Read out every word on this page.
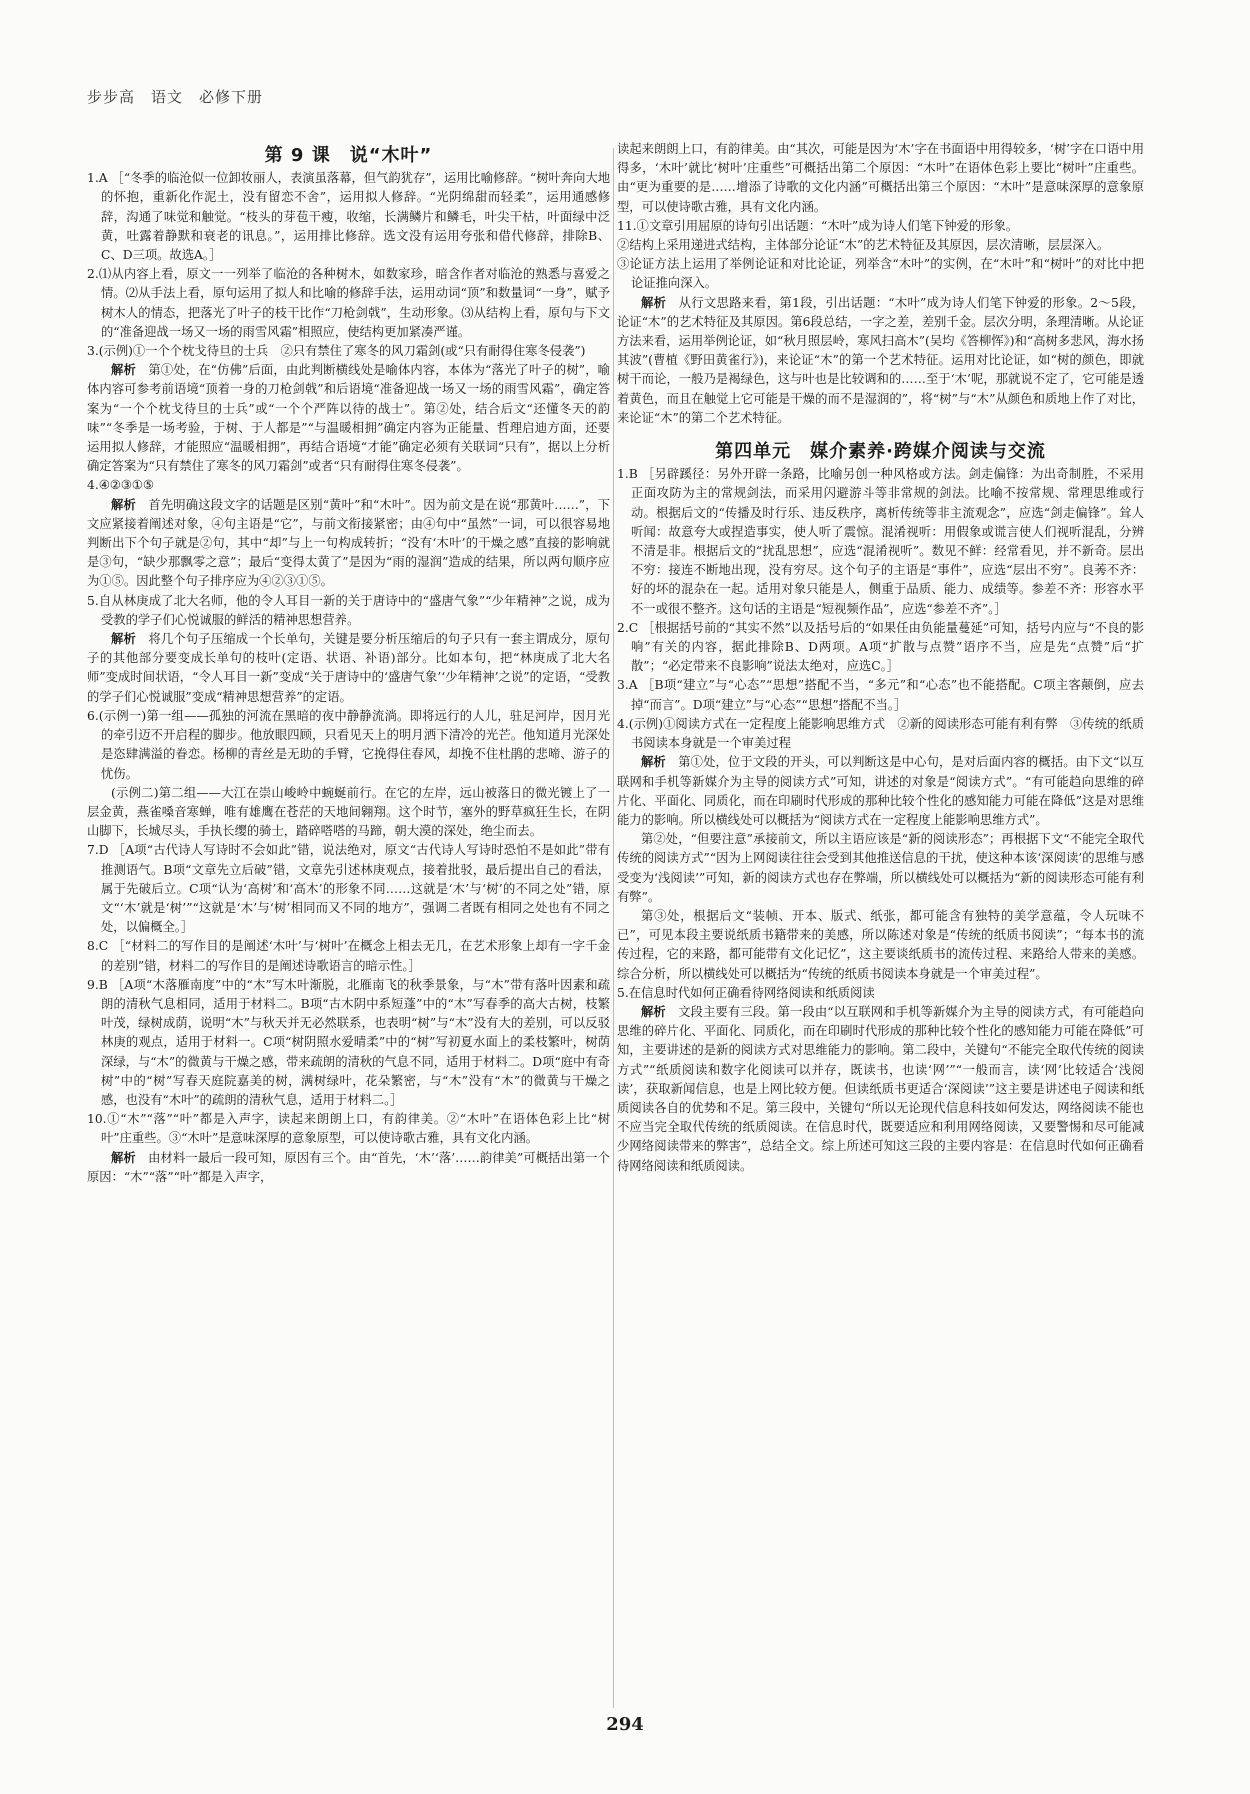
步步高　语文　必修下册
第 9 课　说“木叶”

1.A ［“冬季的临沧似一位卸妆丽人，表演虽落幕，但气韵犹存”，运用比喻修辞。“树叶奔向大地的怀抱，重新化作泥土，没有留恋不舍”，运用拟人修辞。“光阴绵甜而轻柔”，运用通感修辞，沟通了味觉和触觉。“枝头的芽苞干瘦，收缩，长满鳞片和鳞毛，叶尖干枯，叶面绿中泛黄，吐露着静默和衰老的讯息。”，运用排比修辞。选文没有运用夸张和借代修辞，排除B、C、D三项。故选A。］

2.⑴从内容上看，原文一一列举了临沧的各种树木，如数家珍，暗含作者对临沧的熟悉与喜爱之情。⑵从手法上看，原句运用了拟人和比喻的修辞手法，运用动词“顶”和数量词“一身”，赋予树木人的情态，把落光了叶子的枝干比作“刀枪剑戟”，生动形象。⑶从结构上看，原句与下文的“准备迎战一场又一场的雨雪风霜”相照应，使结构更加紧凑严谨。

3.(示例)①一个个枕戈待旦的士兵　②只有禁住了寒冬的风刀霜剑(或“只有耐得住寒冬侵袭”)

解析　 第①处，在“仿佛”后面，由此判断横线处是喻体内容，本体为“落光了叶子的树”，喻体内容可参考前语境“顶着一身的刀枪剑戟”和后语境“准备迎战一场又一场的雨雪风霜”，确定答案为“一个个枕戈待旦的士兵”或“一个个严阵以待的战士”。第②处，结合后文“还懂冬天的韵味”“冬季是一场考验，于树、于人都是”“与温暖相拥”确定内容为正能量、哲理启迪方面，还要运用拟人修辞，才能照应“温暖相拥”，再结合语境“才能”确定必须有关联词“只有”，据以上分析确定答案为“只有禁住了寒冬的风刀霜剑”或者“只有耐得住寒冬侵袭”。

4.④②③①⑤

解析　 首先明确这段文字的话题是区别“黄叶”和“木叶”。因为前文是在说“那黄叶……”，下文应紧接着阐述对象，④句主语是“它”，与前文衔接紧密；由④句中“虽然”一词，可以很容易地判断出下个句子就是②句，其中“却”与上一句构成转折；“没有‘木叶’的干燥之感”直接的影响就是③句，“缺少那飘零之意”；最后“变得太黄了”是因为“雨的湿润”造成的结果，所以两句顺序应为①⑤。因此整个句子排序应为④②③①⑤。

5.自从林庚成了北大名师，他的令人耳目一新的关于唐诗中的“盛唐气象”“少年精神”之说，成为受教的学子们心悦诚服的鲜活的精神思想营养。

解析　 将几个句子压缩成一个长单句，关键是要分析压缩后的句子只有一套主谓成分，原句子的其他部分要变成长单句的枝叶(定语、状语、补语)部分。比如本句，把“林庚成了北大名师”变成时间状语，“令人耳目一新”变成“关于唐诗中的‘盛唐气象’‘少年精神’之说”的定语，“受教的学子们心悦诚服”变成“精神思想营养”的定语。

6.(示例一)第一组——孤独的河流在黑暗的夜中静静流淌。即将远行的人儿，驻足河岸，因月光的牵引迈不开启程的脚步。他放眼四顾，只看见天上的明月洒下清冷的光芒。他知道月光深处是恣肆满溢的眷恋。杨柳的青丝是无助的手臂，它挽得住春风，却挽不住杜鹃的悲啼、游子的忧伤。

(示例二)第二组——大江在崇山峻岭中蜿蜒前行。在它的左岸，远山被落日的微光镀上了一层金黄，燕雀嗓音寒蝉，唯有雄鹰在苍茫的天地间翱翔。这个时节，塞外的野草疯狂生长，在阴山脚下，长城尽头，手执长缨的骑士，踏碎嗒嗒的马蹄，朝大漠的深处，绝尘而去。

7.D ［A项“古代诗人写诗时不会如此”错，说法绝对，原文“古代诗人写诗时恐怕不是如此”带有推测语气。B项“文章先立后破”错，文章先引述林庚观点，接着批驳，最后提出自己的看法，属于先破后立。C项“认为‘高树’和‘高木’的形象不同……这就是‘木’与‘树’的不同之处”错，原文“‘木’就是‘树’”“这就是‘木’与‘树’相同而又不同的地方”，强调二者既有相同之处也有不同之处，以偏概全。］

8.C ［“材料二的写作目的是阐述‘木叶’与‘树叶’在概念上相去无几，在艺术形象上却有一字千金的差别”错，材料二的写作目的是阐述诗歌语言的暗示性。］

9.B ［A项“木落雁南度”中的“木”写木叶渐脱，北雁南飞的秋季景象，与“木”带有落叶因素和疏朗的清秋气息相同，适用于材料二。B项“古木阴中系短蓬”中的“木”写春季的高大古树，枝繁叶茂，绿树成荫，说明“木”与秋天并无必然联系，也表明“树”与“木”没有大的差别，可以反驳林庚的观点，适用于材料一。C项“树阴照水爱晴柔”中的“树”写初夏水面上的柔枝繁叶，树荫深绿，与“木”的微黄与干燥之感，带来疏朗的清秋的气息不同，适用于材料二。D项“庭中有奇树”中的“树”写春天庭院嘉美的树，满树绿叶，花朵繁密，与“木”没有“木”的微黄与干燥之感，也没有“木叶”的疏朗的清秋气息，适用于材料二。］

10.①“木”“落”“叶”都是入声字，读起来朗朗上口，有韵律美。②“木叶”在语体色彩上比“树叶”庄重些。③“木叶”是意味深厚的意象原型，可以使诗歌古雅，具有文化内涵。

解析　 由材料一最后一段可知，原因有三个。由“首先，‘木’‘落’……韵律美”可概括出第一个原因：“木”“落”“叶”都是入声字，

读起来朗朗上口，有韵律美。由“其次，可能是因为‘木’字在书面语中用得较多，‘树’字在口语中用得多，‘木叶’就比‘树叶’庄重些”可概括出第二个原因：“木叶”在语体色彩上要比“树叶”庄重些。由“更为重要的是……增添了诗歌的文化内涵”可概括出第三个原因：“木叶”是意味深厚的意象原型，可以使诗歌古雅，具有文化内涵。

11.①文章引用屈原的诗句引出话题：“木叶”成为诗人们笔下钟爱的形象。

②结构上采用递进式结构，主体部分论证“木”的艺术特征及其原因，层次清晰，层层深入。

③论证方法上运用了举例论证和对比论证，列举含“木叶”的实例，在“木叶”和“树叶”的对比中把论证推向深入。

解析　 从行文思路来看，第1段，引出话题：“木叶”成为诗人们笔下钟爱的形象。2～5段，论证“木”的艺术特征及其原因。第6段总结，一字之差，差别千金。层次分明，条理清晰。从论证方法来看，运用举例论证，如“秋月照层岭，寒风扫高木”(吴均《答柳恽》)和“高树多悲风，海水扬其波”(曹植《野田黄雀行》)，来论证“木”的第一个艺术特征。运用对比论证，如“树的颜色，即就树干而论，一般乃是褐绿色，这与叶也是比较调和的……至于‘木’呢，那就说不定了，它可能是透着黄色，而且在触觉上它可能是干燥的而不是湿润的”，将“树”与“木”从颜色和质地上作了对比，来论证“木”的第二个艺术特征。

第四单元　媒介素养·跨媒介阅读与交流

1.B ［另辟蹊径：另外开辟一条路，比喻另创一种风格或方法。剑走偏锋：为出奇制胜，不采用正面攻防为主的常规剑法，而采用闪避游斗等非常规的剑法。比喻不按常规、常理思维或行动。根据后文的“传播及时行乐、违反秩序，离析传统等非主流观念”，应选“剑走偏锋”。耸人听闻：故意夸大或捏造事实，使人听了震惊。混淆视听：用假象或谎言使人们视听混乱，分辨不清是非。根据后文的“扰乱思想”，应选“混淆视听”。数见不鲜：经常看见，并不新奇。层出不穷：接连不断地出现，没有穷尽。这个句子的主语是“事件”，应选“层出不穷”。良莠不齐：好的坏的混杂在一起。适用对象只能是人，侧重于品质、能力、成绩等。参差不齐：形容水平不一或很不整齐。这句话的主语是“短视频作品”，应选“参差不齐”。］

2.C ［根据括号前的“其实不然”以及括号后的“如果任由负能量蔓延”可知，括号内应与“不良的影响”有关的内容，据此排除B、D两项。A项“扩散与点赞”语序不当，应是先“点赞”后“扩散”；“必定带来不良影响”说法太绝对，应选C。］

3.A ［B项“建立”与“心态”“思想”搭配不当，“多元”和“心态”也不能搭配。C项主客颠倒，应去掉“而言”。D项“建立”与“心态”“思想”搭配不当。］

4.(示例)①阅读方式在一定程度上能影响思维方式　②新的阅读形态可能有利有弊　③传统的纸质书阅读本身就是一个审美过程

解析　 第①处，位于文段的开头，可以判断这是中心句，是对后面内容的概括。由下文“以互联网和手机等新媒介为主导的阅读方式”可知，讲述的对象是“阅读方式”。“有可能趋向思维的碎片化、平面化、同质化，而在印刷时代形成的那种比较个性化的感知能力可能在降低”这是对思维能力的影响。所以横线处可以概括为“阅读方式在一定程度上能影响思维方式”。

第②处，“但要注意”承接前文，所以主语应该是“新的阅读形态”；再根据下文“不能完全取代传统的阅读方式”“因为上网阅读往往会受到其他推送信息的干扰，使这种本该‘深阅读’的思维与感受变为‘浅阅读’”可知，新的阅读方式也存在弊端，所以横线处可以概括为“新的阅读形态可能有利有弊”。

第③处，根据后文“装帧、开本、版式、纸张，都可能含有独特的美学意蕴，令人玩味不已”，可见本段主要说纸质书籍带来的美感，所以陈述对象是“传统的纸质书阅读”；“每本书的流传过程，它的来路，都可能带有文化记忆”，这主要谈纸质书的流传过程、来路给人带来的美感。综合分析，所以横线处可以概括为“传统的纸质书阅读本身就是一个审美过程”。

5.在信息时代如何正确看待网络阅读和纸质阅读

解析　 文段主要有三段。第一段由“以互联网和手机等新媒介为主导的阅读方式，有可能趋向思维的碎片化、平面化、同质化，而在印刷时代形成的那种比较个性化的感知能力可能在降低”可知，主要讲述的是新的阅读方式对思维能力的影响。第二段中，关键句“不能完全取代传统的阅读方式”“纸质阅读和数字化阅读可以并存，既读书，也读‘网’”“一般而言，读‘网’比较适合‘浅阅读’，获取新闻信息，也是上网比较方便。但读纸质书更适合‘深阅读’”这主要是讲述电子阅读和纸质阅读各自的优势和不足。第三段中，关键句“所以无论现代信息科技如何发达，网络阅读不能也不应当完全取代传统的纸质阅读。在信息时代，既要适应和利用网络阅读，又要警惕和尽可能减少网络阅读带来的弊害”，总结全文。综上所述可知这三段的主要内容是：在信息时代如何正确看待网络阅读和纸质阅读。

294
